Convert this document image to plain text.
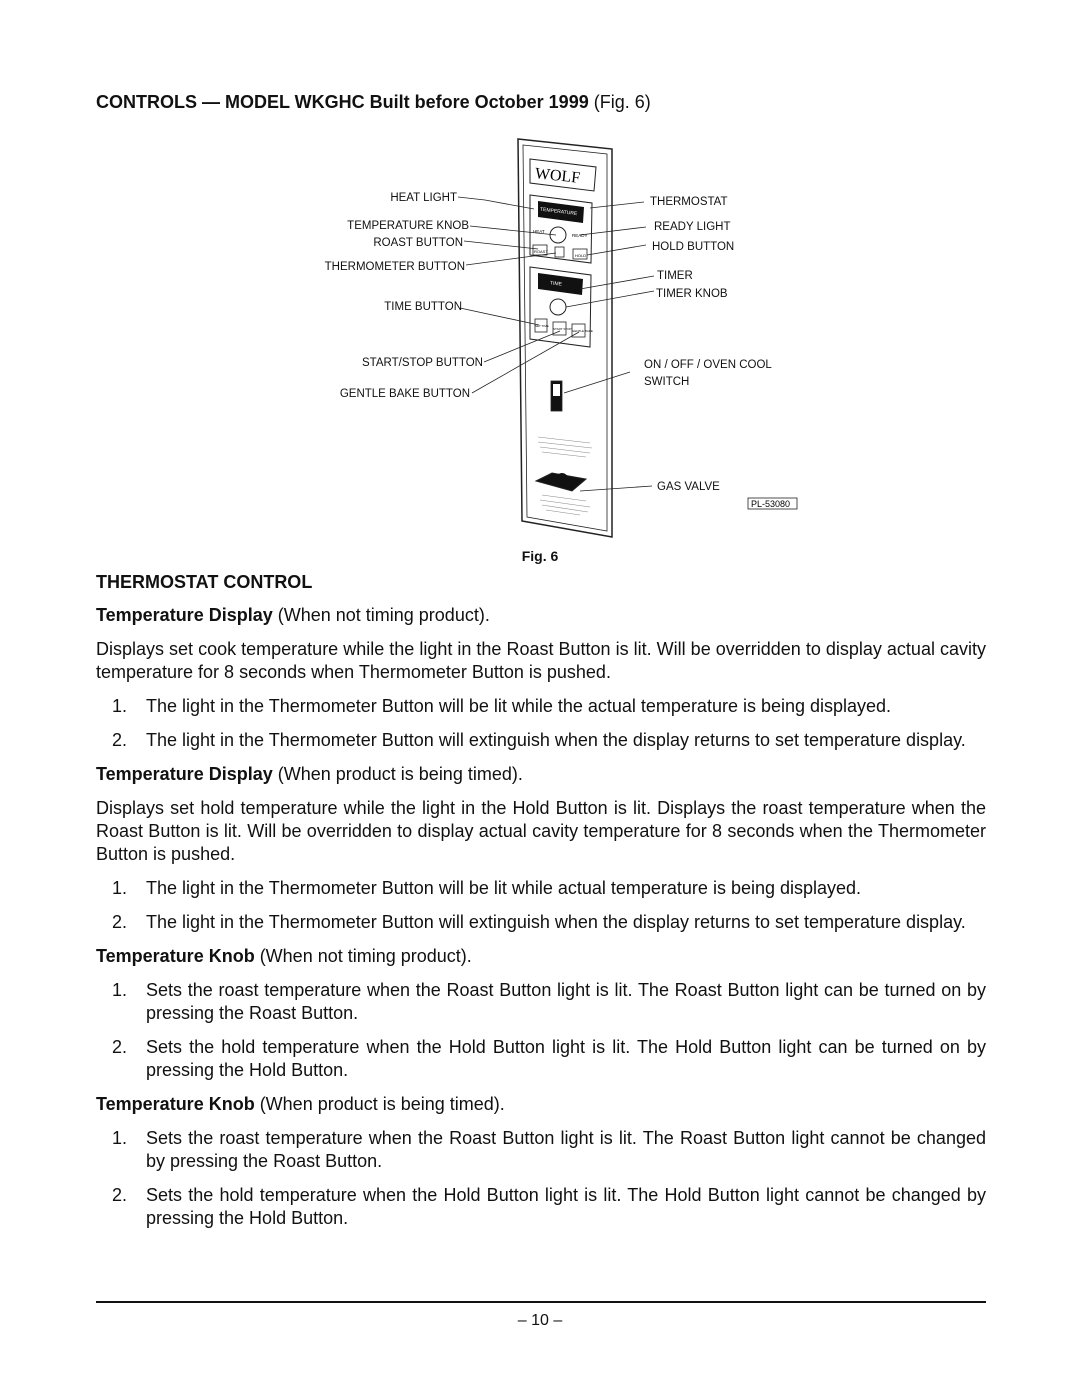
CONTROLS — MODEL WKGHC Built before October 1999 (Fig. 6)
WOLF
TEMPERATURE
HEAT
READY
ROAST
HOLD
TIME
SET TIME
START STOP GENTLE BAKE
HEAT LIGHT
TEMPERATURE KNOB
ROAST BUTTON
THERMOMETER BUTTON
TIME BUTTON
START/STOP BUTTON
GENTLE BAKE BUTTON
THERMOSTAT
READY LIGHT
HOLD BUTTON
TIMER
TIMER KNOB
ON / OFF / OVEN COOL
SWITCH
GAS VALVE
PL-53080
Fig. 6
THERMOSTAT CONTROL
Temperature Display (When not timing product).

Displays set cook temperature while the light in the Roast Button is lit. Will be overridden to display actual cavity temperature for 8 seconds when Thermometer Button is pushed.

1. The light in the Thermometer Button will be lit while the actual temperature is being displayed.
2. The light in the Thermometer Button will extinguish when the display returns to set temperature display.
Temperature Display (When product is being timed).

Displays set hold temperature while the light in the Hold Button is lit. Displays the roast temperature when the Roast Button is lit. Will be overridden to display actual cavity temperature for 8 seconds when the Thermometer Button is pushed.

1. The light in the Thermometer Button will be lit while actual temperature is being displayed.
2. The light in the Thermometer Button will extinguish when the display returns to set temperature display.
Temperature Knob (When not timing product).
1. Sets the roast temperature when the Roast Button light is lit. The Roast Button light can be turned on by pressing the Roast Button.
2. Sets the hold temperature when the Hold Button light is lit. The Hold Button light can be turned on by pressing the Hold Button.
Temperature Knob (When product is being timed).
1. Sets the roast temperature when the Roast Button light is lit. The Roast Button light cannot be changed by pressing the Roast Button.
2. Sets the hold temperature when the Hold Button light is lit. The Hold Button light cannot be changed by pressing the Hold Button.
– 10 –
